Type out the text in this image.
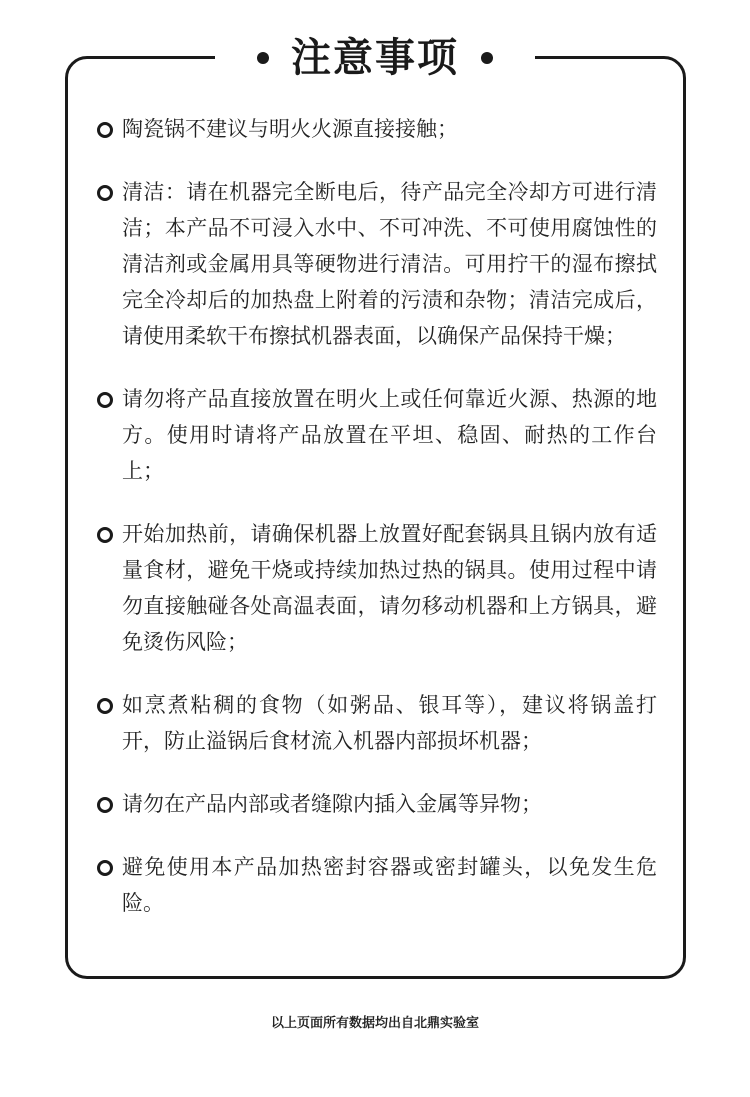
注意事项
陶瓷锅不建议与明火火源直接接触；
清洁：请在机器完全断电后，待产品完全冷却方可进行清洁；本产品不可浸入水中、不可冲洗、不可使用腐蚀性的清洁剂或金属用具等硬物进行清洁。可用拧干的湿布擦拭完全冷却后的加热盘上附着的污渍和杂物；清洁完成后，请使用柔软干布擦拭机器表面，以确保产品保持干燥；
请勿将产品直接放置在明火上或任何靠近火源、热源的地方。使用时请将产品放置在平坦、稳固、耐热的工作台上；
开始加热前，请确保机器上放置好配套锅具且锅内放有适量食材，避免干烧或持续加热过热的锅具。使用过程中请勿直接触碰各处高温表面，请勿移动机器和上方锅具，避免烫伤风险；
如烹煮粘稠的食物（如粥品、银耳等），建议将锅盖打开，防止溢锅后食材流入机器内部损坏机器；
请勿在产品内部或者缝隙内插入金属等异物；
避免使用本产品加热密封容器或密封罐头，以免发生危险。
以上页面所有数据均出自北鼎实验室
